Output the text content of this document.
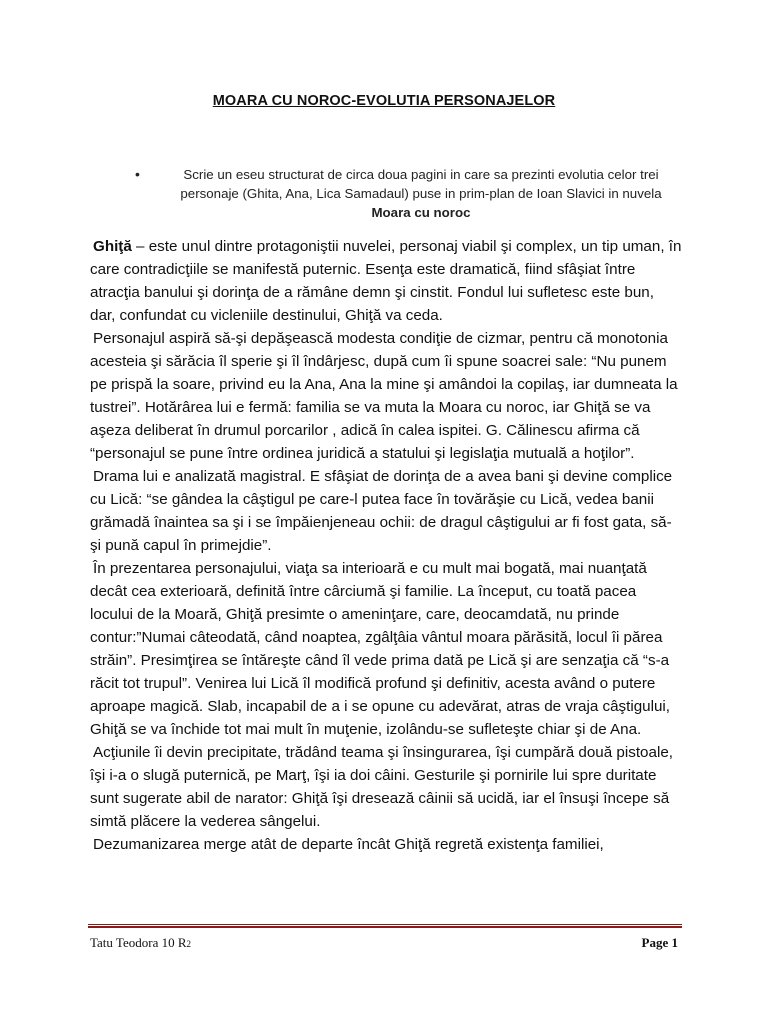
MOARA CU NOROC-EVOLUTIA PERSONAJELOR
•	Scrie un eseu structurat de circa doua pagini in care sa prezinti evolutia celor trei
personaje (Ghita, Ana, Lica Samadaul) puse in prim-plan de Ioan Slavici in nuvela
Moara cu noroc

Ghiţă – este unul dintre protagoniştii nuvelei, personaj viabil şi complex, un tip uman, în care contradicţiile se manifestă puternic. Esenţa este dramatică, fiind sfâşiat între atracţia banului şi dorinţa de a rămâne demn şi cinstit. Fondul lui sufletesc este bun, dar, confundat cu vicleniile destinului, Ghiţă va ceda.

Personajul aspiră să-şi depăşească modesta condiţie de cizmar, pentru că monotonia acesteia şi sărăcia îl sperie şi îl îndârjesc, după cum îi spune soacrei sale: “Nu punem pe prispă la soare, privind eu la Ana, Ana la mine şi amândoi la copilaş, iar dumneata la tustrei”. Hotărârea lui e fermă: familia se va muta la Moara cu noroc, iar Ghiţă se va aşeza deliberat în drumul porcarilor , adică în calea ispitei. G. Călinescu afirma că “personajul se pune între ordinea juridică a statului şi legislaţia mutuală a hoţilor”.

Drama lui e analizată magistral. E sfâşiat de dorinţa de a avea bani şi devine complice cu Lică: “se gândea la câştigul pe care-l putea face în tovărăşie cu Lică, vedea banii grămadă înaintea sa şi i se împăienjeneau ochii: de dragul câştigului ar fi fost gata, să-şi pună capul în primejdie”.

În prezentarea personajului, viaţa sa interioară e cu mult mai bogată, mai nuanţată decât cea exterioară, definită între cârciumă şi familie. La început, cu toată pacea locului de la Moară, Ghiţă presimte o ameninţare, care, deocamdată, nu prinde contur:”Numai câteodată, când noaptea, zgâlţâia vântul moara părăsită, locul îi părea străin”. Presimţirea se întăreşte când îl vede prima dată pe Lică şi are senzaţia că “s-a răcit tot trupul”. Venirea lui Lică îl modifică profund şi definitiv, acesta având o putere aproape magică. Slab, incapabil de a i se opune cu adevărat, atras de vraja câştigului, Ghiţă se va închide tot mai mult în muţenie, izolându-se sufleteşte chiar şi de Ana.

Acţiunile îi devin precipitate, trădând teama şi însingurarea, îşi cumpără două pistoale, îşi i-a o slugă puternică, pe Marţ, îşi ia doi câini. Gesturile şi pornirile lui spre duritate sunt sugerate abil de narator: Ghiţă îşi dresează câinii să ucidă, iar el însuşi începe să simtă plăcere la vederea sângelui.

Dezumanizarea merge atât de departe încât Ghiţă regretă existenţa familiei,

Tatu Teodora 10 R2	Page 1
